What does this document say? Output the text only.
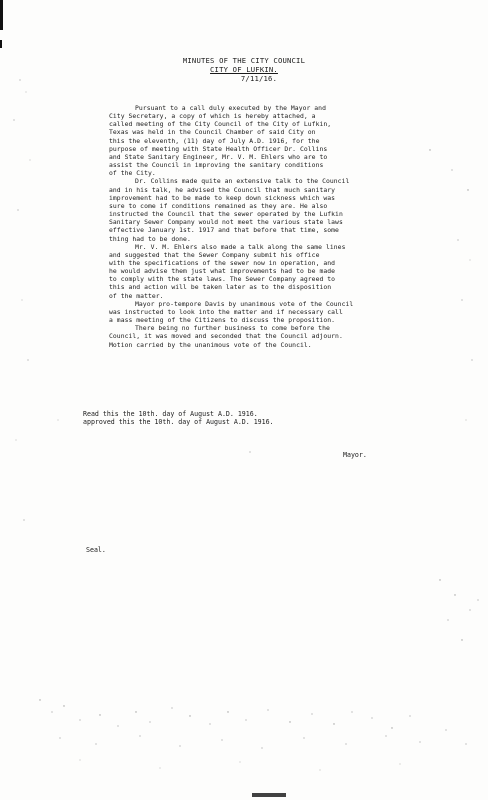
MINUTES OF THE CITY COUNCIL
CITY OF LUFKIN.
7/11/16.

Pursuant to a call duly executed by the Mayor and
City Secretary, a copy of which is hereby attached, a
called meeting of the City Council of the City of Lufkin,
Texas was held in the Council Chamber of said City on
this the eleventh, (11) day of July A.D. 1916, for the
purpose of meeting with State Health Officer Dr. Collins
and State Sanitary Engineer, Mr. V. M. Ehlers who are to
assist the Council in improving the sanitary conditions
of the City.

Dr. Collins made quite an extensive talk to the Council
and in his talk, he advised the Council that much sanitary
improvement had to be made to keep down sickness which was
sure to come if conditions remained as they are. He also
instructed the Council that the sewer operated by the Lufkin
Sanitary Sewer Company would not meet the various state laws
effective January 1st. 1917 and that before that time, some
thing had to be done.

Mr. V. M. Ehlers also made a talk along the same lines
and suggested that the Sewer Company submit his office
with the specifications of the sewer now in operation, and
he would advise them just what improvements had to be made
to comply with the state laws. The Sewer Company agreed to
this and action will be taken later as to the disposition
of the matter.

Mayor pro-tempore Davis by unanimous vote of the Council
was instructed to look into the matter and if necessary call
a mass meeting of the Citizens to discuss the proposition.

There being no further business to come before the
Council, it was moved and seconded that the Council adjourn.
Motion carried by the unanimous vote of the Council.

Read this the 10th. day of August A.D. 1916.
approved this the 10th. day of August A.D. 1916.
Mayor.
Seal.
